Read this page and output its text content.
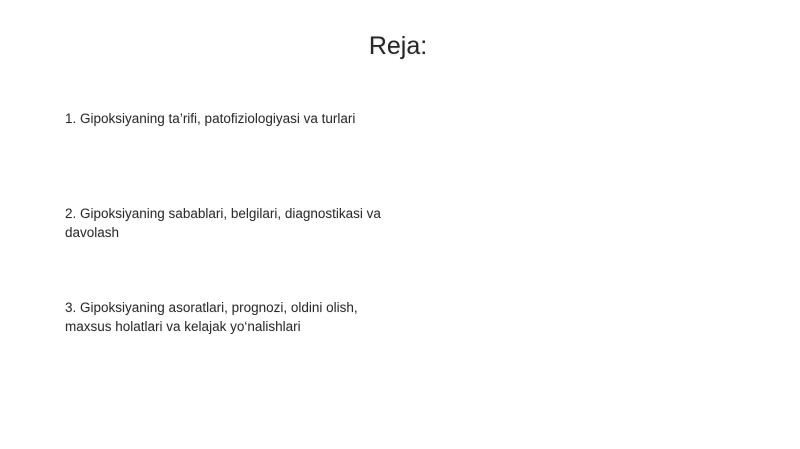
Reja:
1. Gipoksiyaning ta’rifi, patofiziologiyasi va turlari
2. Gipoksiyaning sabablari, belgilari, diagnostikasi va davolash
3. Gipoksiyaning asoratlari, prognozi, oldini olish, maxsus holatlari va kelajak yo‘nalishlari
